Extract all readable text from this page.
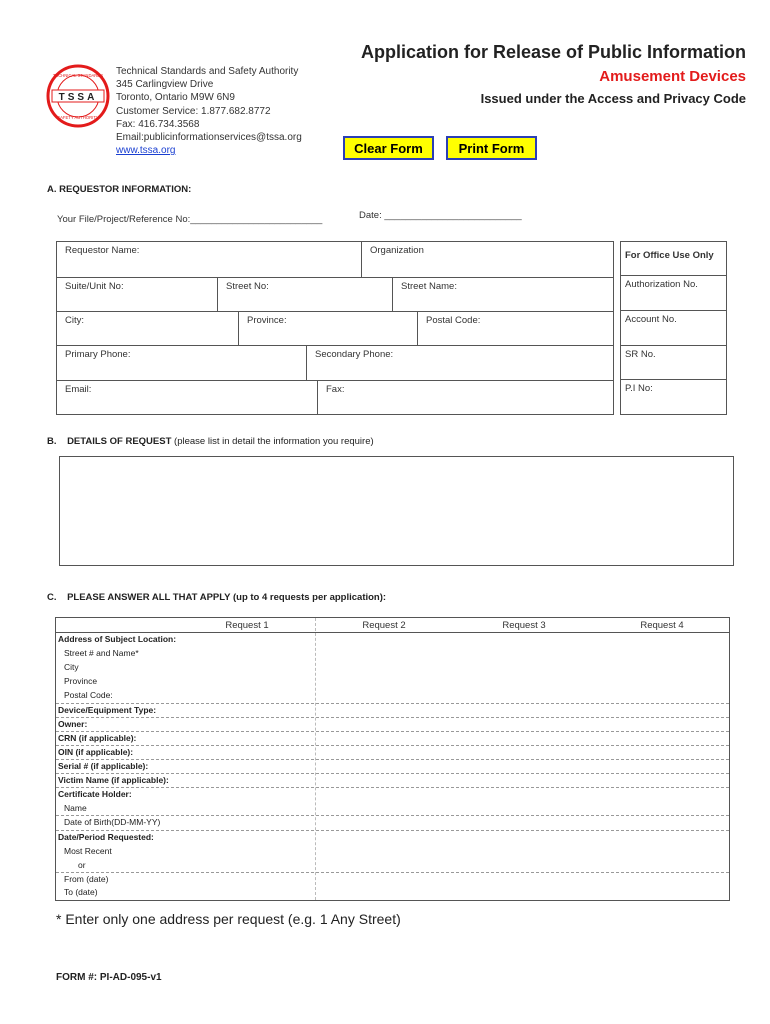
TSSA
TECHNICAL STANDARDS
SAFETY AUTHORITY
Technical Standards and Safety Authority
345 Carlingview Drive
Toronto, Ontario M9W 6N9
Customer Service: 1.877.682.8772
Fax: 416.734.3568
Email:publicinformationservices@tssa.org
www.tssa.org
Application for Release of Public Information
Amusement Devices
Issued under the Access and Privacy Code
Clear Form	Print Form
A. REQUESTOR INFORMATION:
Your File/Project/Reference No:_________________________	Date: __________________________
Requestor Name:	Organization
Suite/Unit No:	Street No:	Street Name:
City:	Province:	Postal Code:
Primary Phone:	Secondary Phone:
Email:	Fax:
For Office Use Only
Authorization No.
Account No.
SR No.
P.I No:
B. DETAILS OF REQUEST (please list in detail the information you require)
C. PLEASE ANSWER ALL THAT APPLY (up to 4 requests per application):
Request 1	Request 2	Request 3	Request 4
Address of Subject Location:
Street # and Name*
City
Province
Postal Code:
Device/Equipment Type:
Owner:
CRN (if applicable):
OIN (if applicable):
Serial # (if applicable):
Victim Name (if applicable):
Certificate Holder:
Name
Date of Birth(DD-MM-YY)
Date/Period Requested:
Most Recent
or
From (date)
To (date)
* Enter only one address per request (e.g. 1 Any Street)
FORM #: PI-AD-095-v1
